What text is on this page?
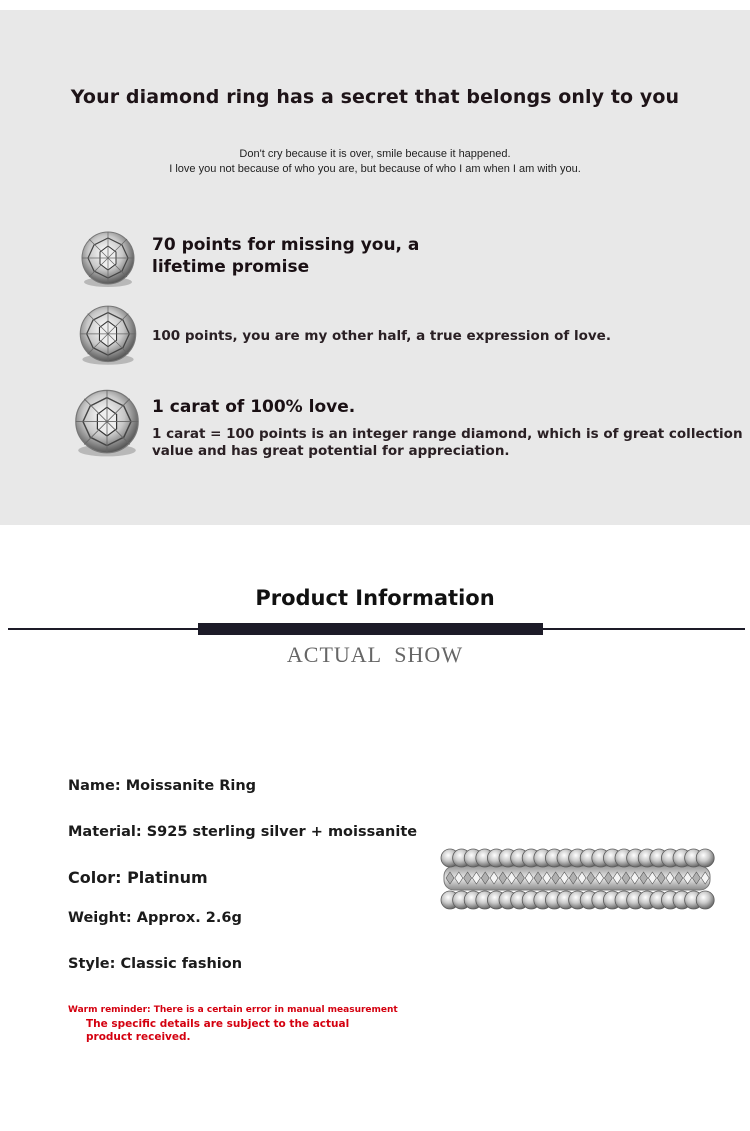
Your diamond ring has a secret that belongs only to you
Don't cry because it is over, smile because it happened.
I love you not because of who you are, but because of who I am when I am with you.
70 points for missing you, a
lifetime promise
100 points, you are my other half, a true expression of love.
1 carat of 100% love.
1 carat = 100 points is an integer range diamond, which is of great collection
value and has great potential for appreciation.
Product Information
ACTUAL  SHOW
Name: Moissanite Ring
Material: S925 sterling silver + moissanite
Color: Platinum
Weight: Approx. 2.6g
Style: Classic fashion
Warm reminder: There is a certain error in manual measurement
The specific details are subject to the actual
product received.
